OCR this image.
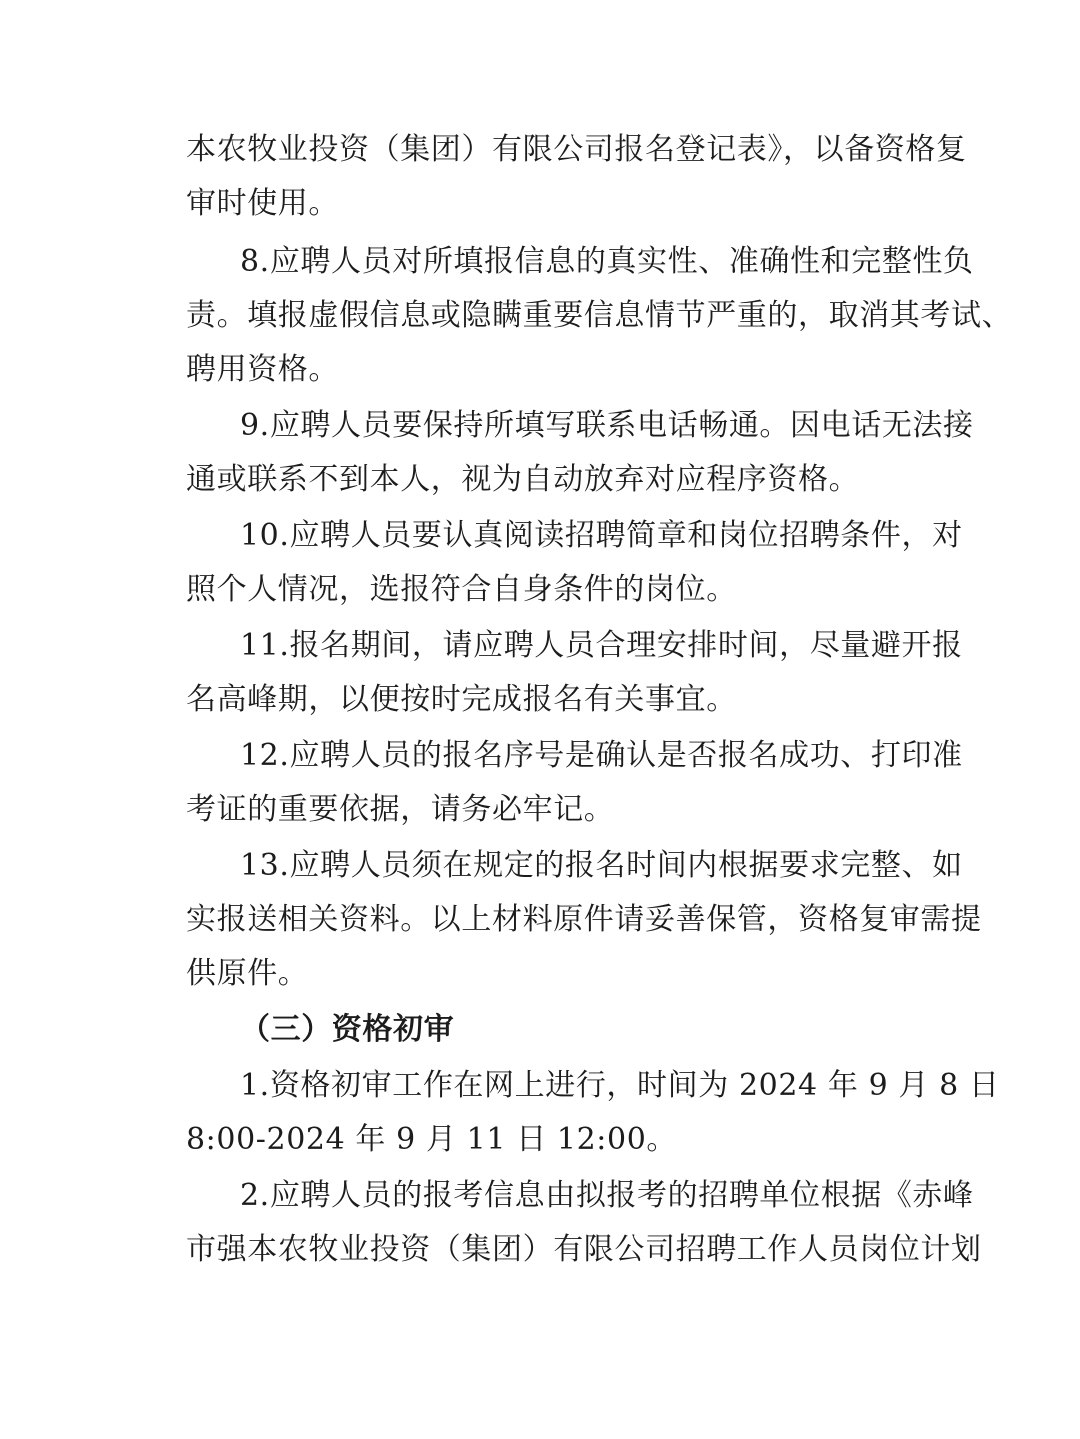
本农牧业投资（集团）有限公司报名登记表》，以备资格复
审时使用。
8.应聘人员对所填报信息的真实性、准确性和完整性负
责。填报虚假信息或隐瞒重要信息情节严重的，取消其考试、
聘用资格。
9.应聘人员要保持所填写联系电话畅通。因电话无法接
通或联系不到本人，视为自动放弃对应程序资格。
10.应聘人员要认真阅读招聘简章和岗位招聘条件，对
照个人情况，选报符合自身条件的岗位。
11.报名期间，请应聘人员合理安排时间，尽量避开报
名高峰期，以便按时完成报名有关事宜。
12.应聘人员的报名序号是确认是否报名成功、打印准
考证的重要依据，请务必牢记。
13.应聘人员须在规定的报名时间内根据要求完整、如
实报送相关资料。以上材料原件请妥善保管，资格复审需提
供原件。
（三）资格初审
1.资格初审工作在网上进行，时间为 2024 年 9 月 8 日
8:00-2024 年 9 月 11 日 12:00。
2.应聘人员的报考信息由拟报考的招聘单位根据《赤峰
市强本农牧业投资（集团）有限公司招聘工作人员岗位计划
